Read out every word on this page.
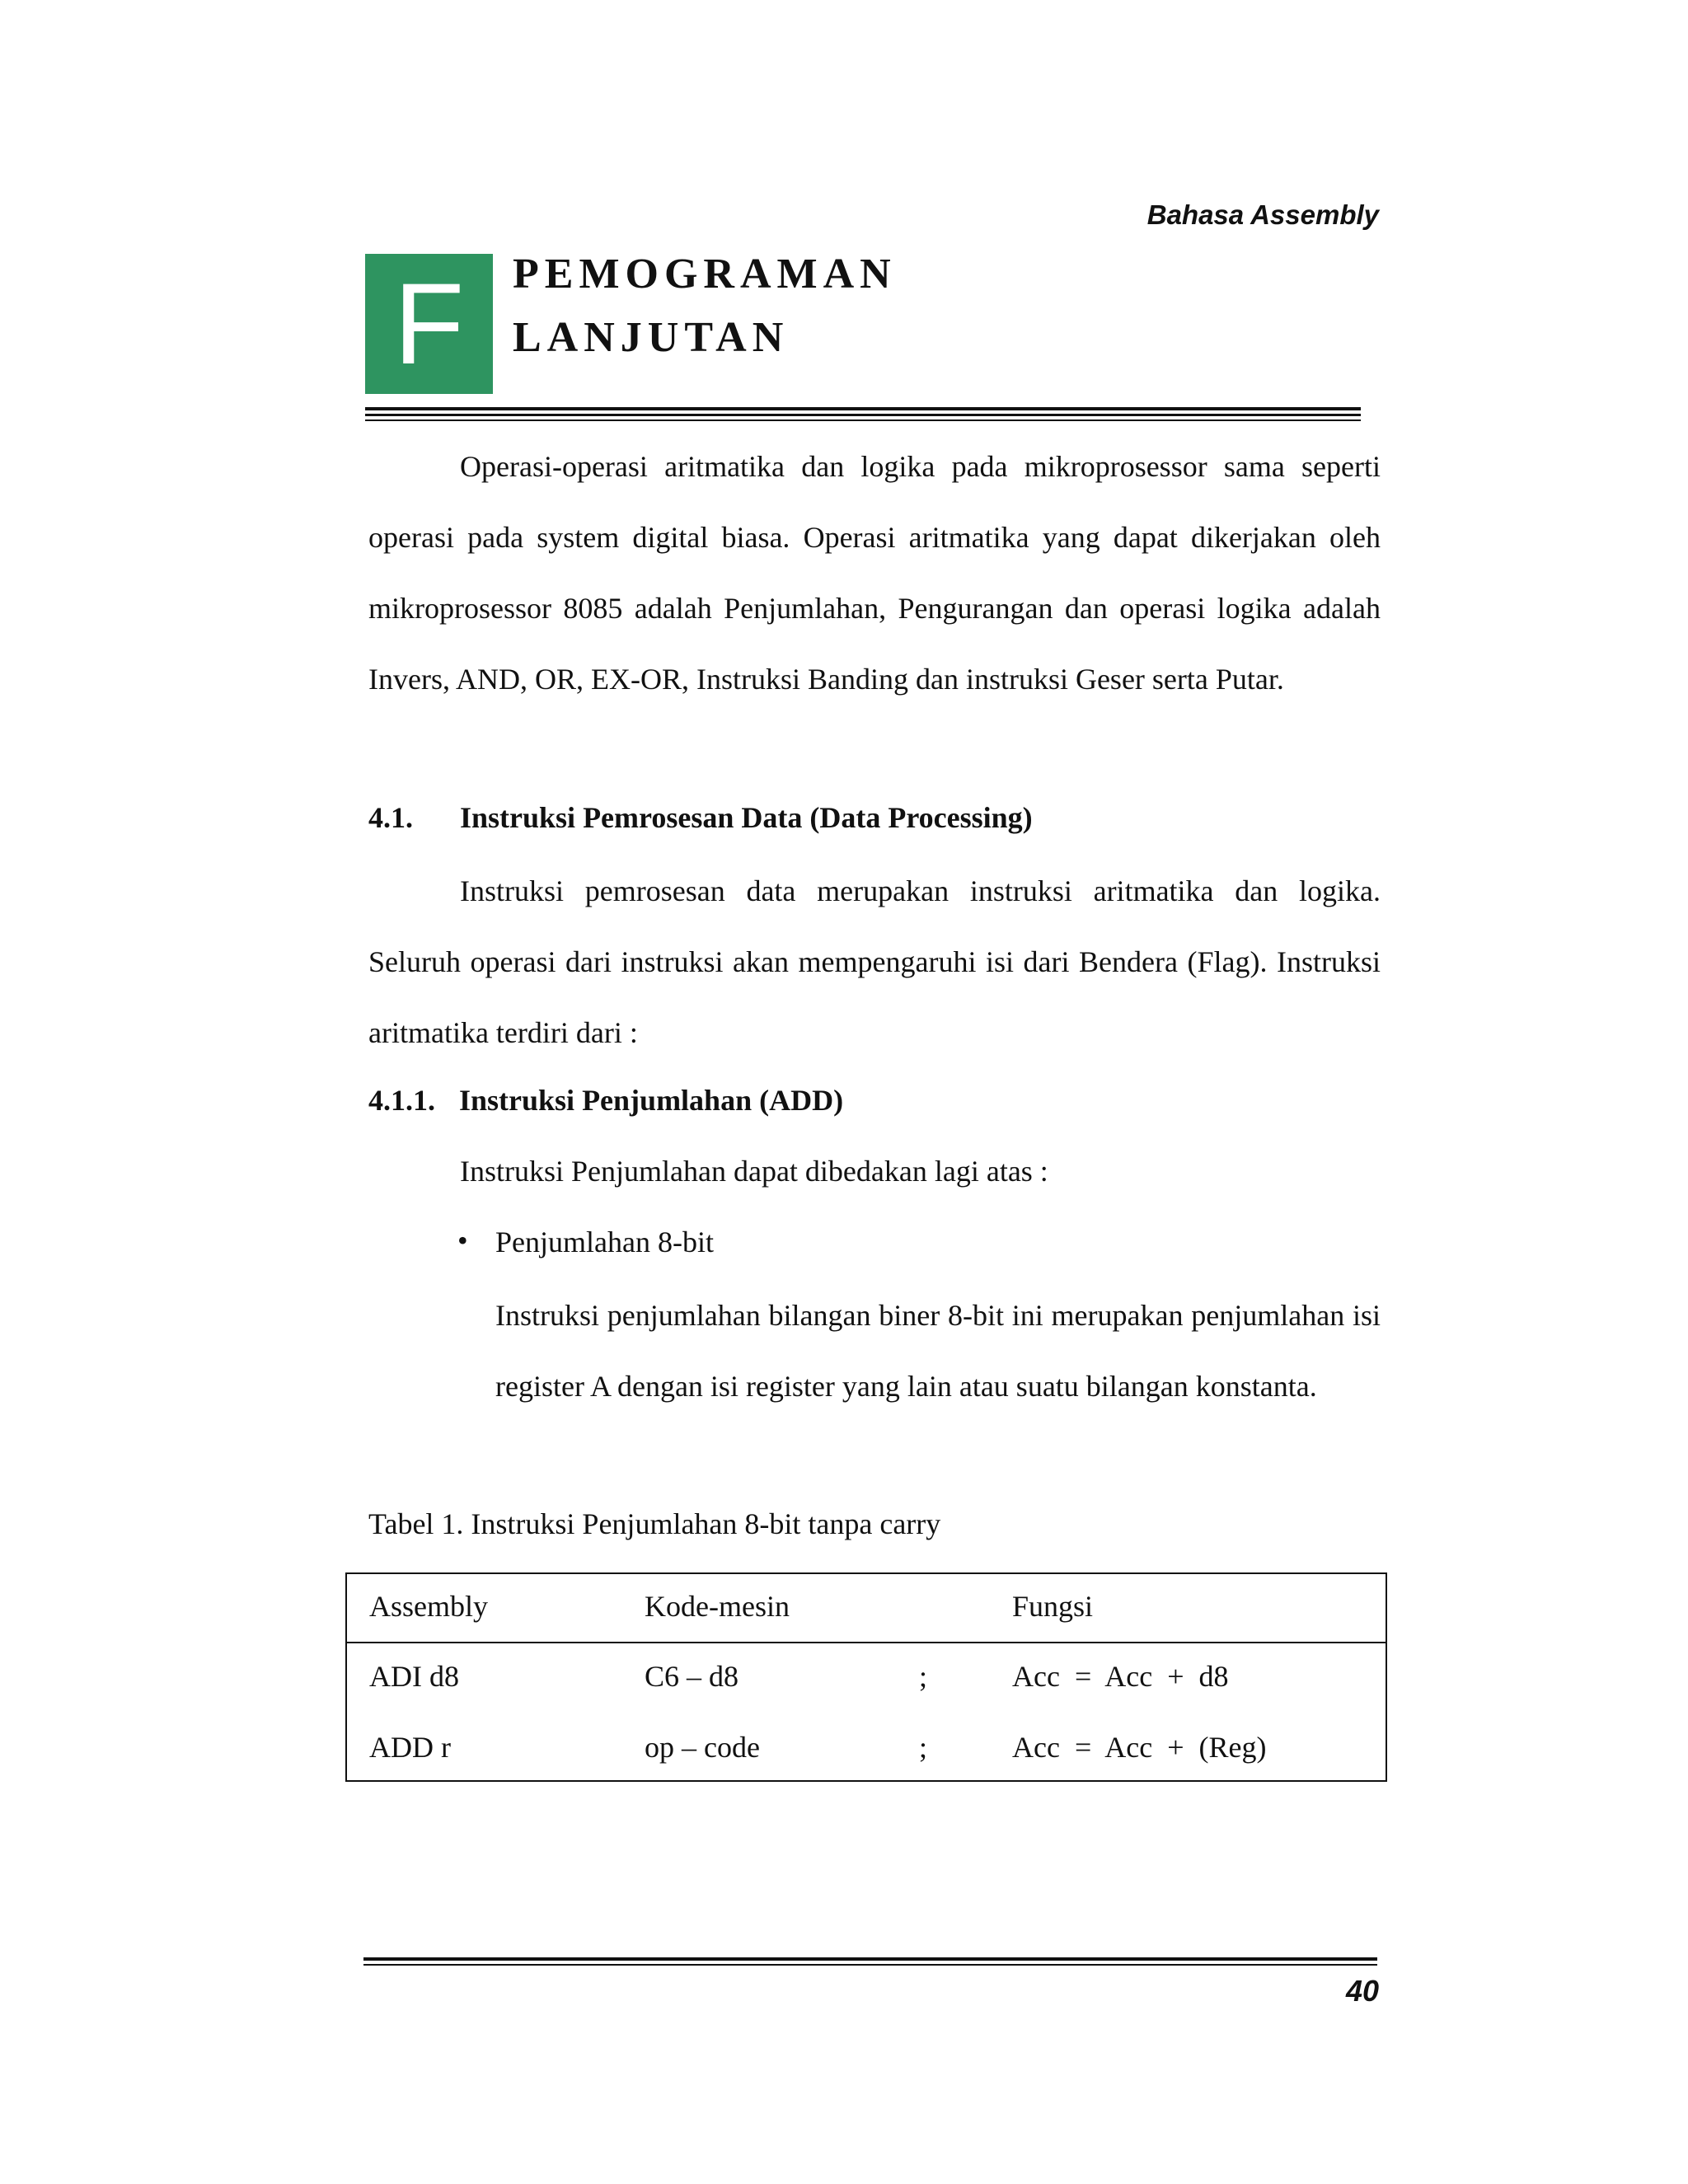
Bahasa Assembly
F PEMOGRAMAN
LANJUTAN

Operasi-operasi aritmatika dan logika pada mikroprosessor sama seperti operasi pada system digital biasa. Operasi aritmatika yang dapat dikerjakan oleh mikroprosessor 8085 adalah Penjumlahan, Pengurangan dan operasi logika adalah Invers, AND, OR, EX-OR, Instruksi Banding dan instruksi Geser serta Putar.

4.1. Instruksi Pemrosesan Data (Data Processing)

Instruksi pemrosesan data merupakan instruksi aritmatika dan logika. Seluruh operasi dari instruksi akan mempengaruhi isi dari Bendera (Flag). Instruksi aritmatika terdiri dari :

4.1.1. Instruksi Penjumlahan (ADD)
Instruksi Penjumlahan dapat dibedakan lagi atas :
• Penjumlahan 8-bit

Instruksi penjumlahan bilangan biner 8-bit ini merupakan penjumlahan isi register A dengan isi register yang lain atau suatu bilangan konstanta.

Tabel 1. Instruksi Penjumlahan 8-bit tanpa carry
Assembly	Kode-mesin	Fungsi
ADI d8	C6 – d8	;	Acc  =  Acc  +  d8
ADD r	op – code	;	Acc  =  Acc  +  (Reg)
40
